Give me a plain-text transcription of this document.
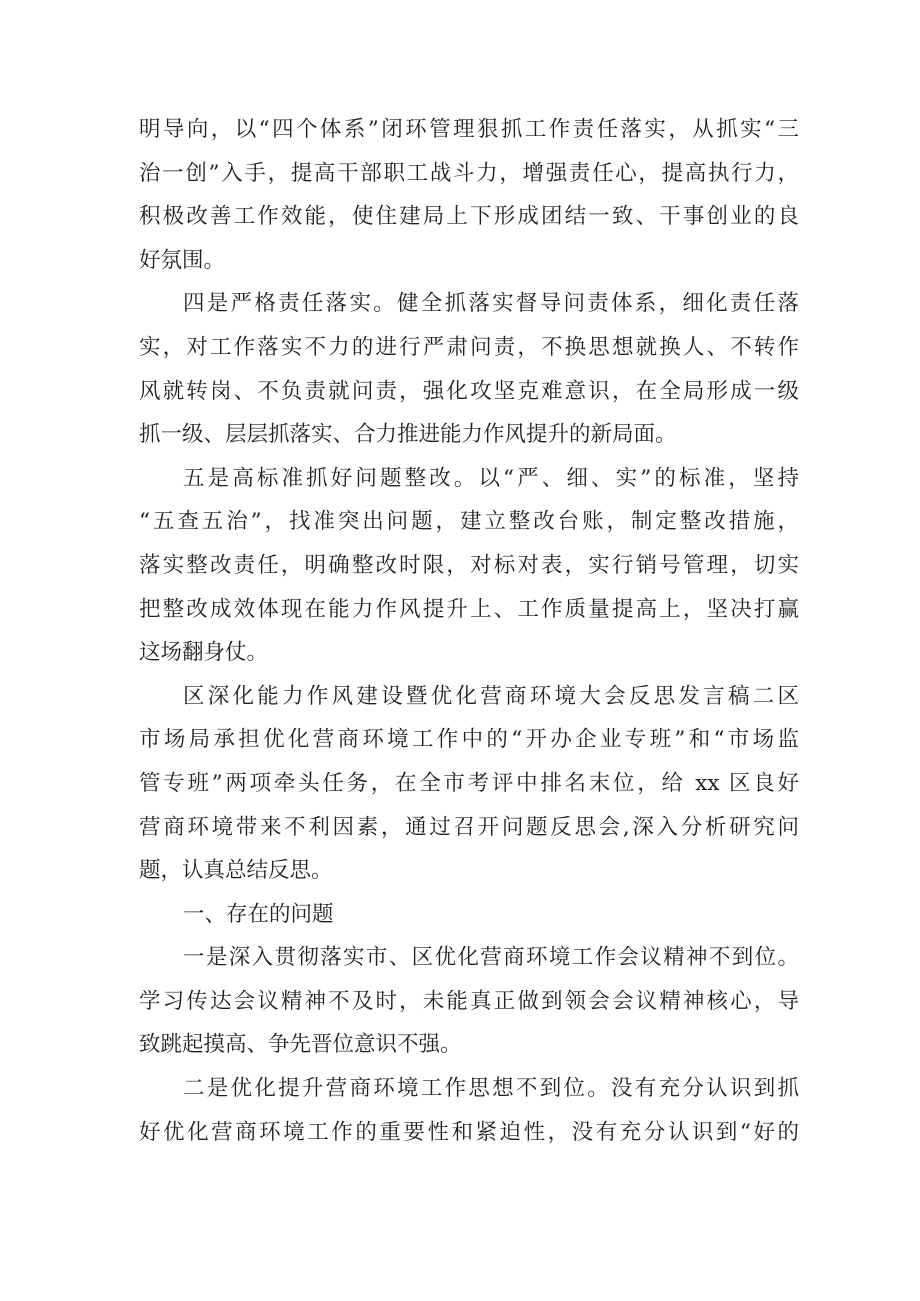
明导向，以“四个体系”闭环管理狠抓工作责任落实，从抓实“三
治一创”入手，提高干部职工战斗力，增强责任心，提高执行力，
积极改善工作效能，使住建局上下形成团结一致、干事创业的良
好氛围。
四是严格责任落实。健全抓落实督导问责体系，细化责任落
实，对工作落实不力的进行严肃问责，不换思想就换人、不转作
风就转岗、不负责就问责，强化攻坚克难意识，在全局形成一级
抓一级、层层抓落实、合力推进能力作风提升的新局面。
五是高标准抓好问题整改。以“严、细、实”的标准，坚持
“五查五治”，找准突出问题，建立整改台账，制定整改措施，
落实整改责任，明确整改时限，对标对表，实行销号管理，切实
把整改成效体现在能力作风提升上、工作质量提高上，坚决打赢
这场翻身仗。
区深化能力作风建设暨优化营商环境大会反思发言稿二区
市场局承担优化营商环境工作中的“开办企业专班”和“市场监
管专班”两项牵头任务，在全市考评中排名末位，给 xx 区良好
营商环境带来不利因素，通过召开问题反思会,深入分析研究问
题，认真总结反思。
一、存在的问题
一是深入贯彻落实市、区优化营商环境工作会议精神不到位。
学习传达会议精神不及时，未能真正做到领会会议精神核心，导
致跳起摸高、争先晋位意识不强。
二是优化提升营商环境工作思想不到位。没有充分认识到抓
好优化营商环境工作的重要性和紧迫性，没有充分认识到“好的
